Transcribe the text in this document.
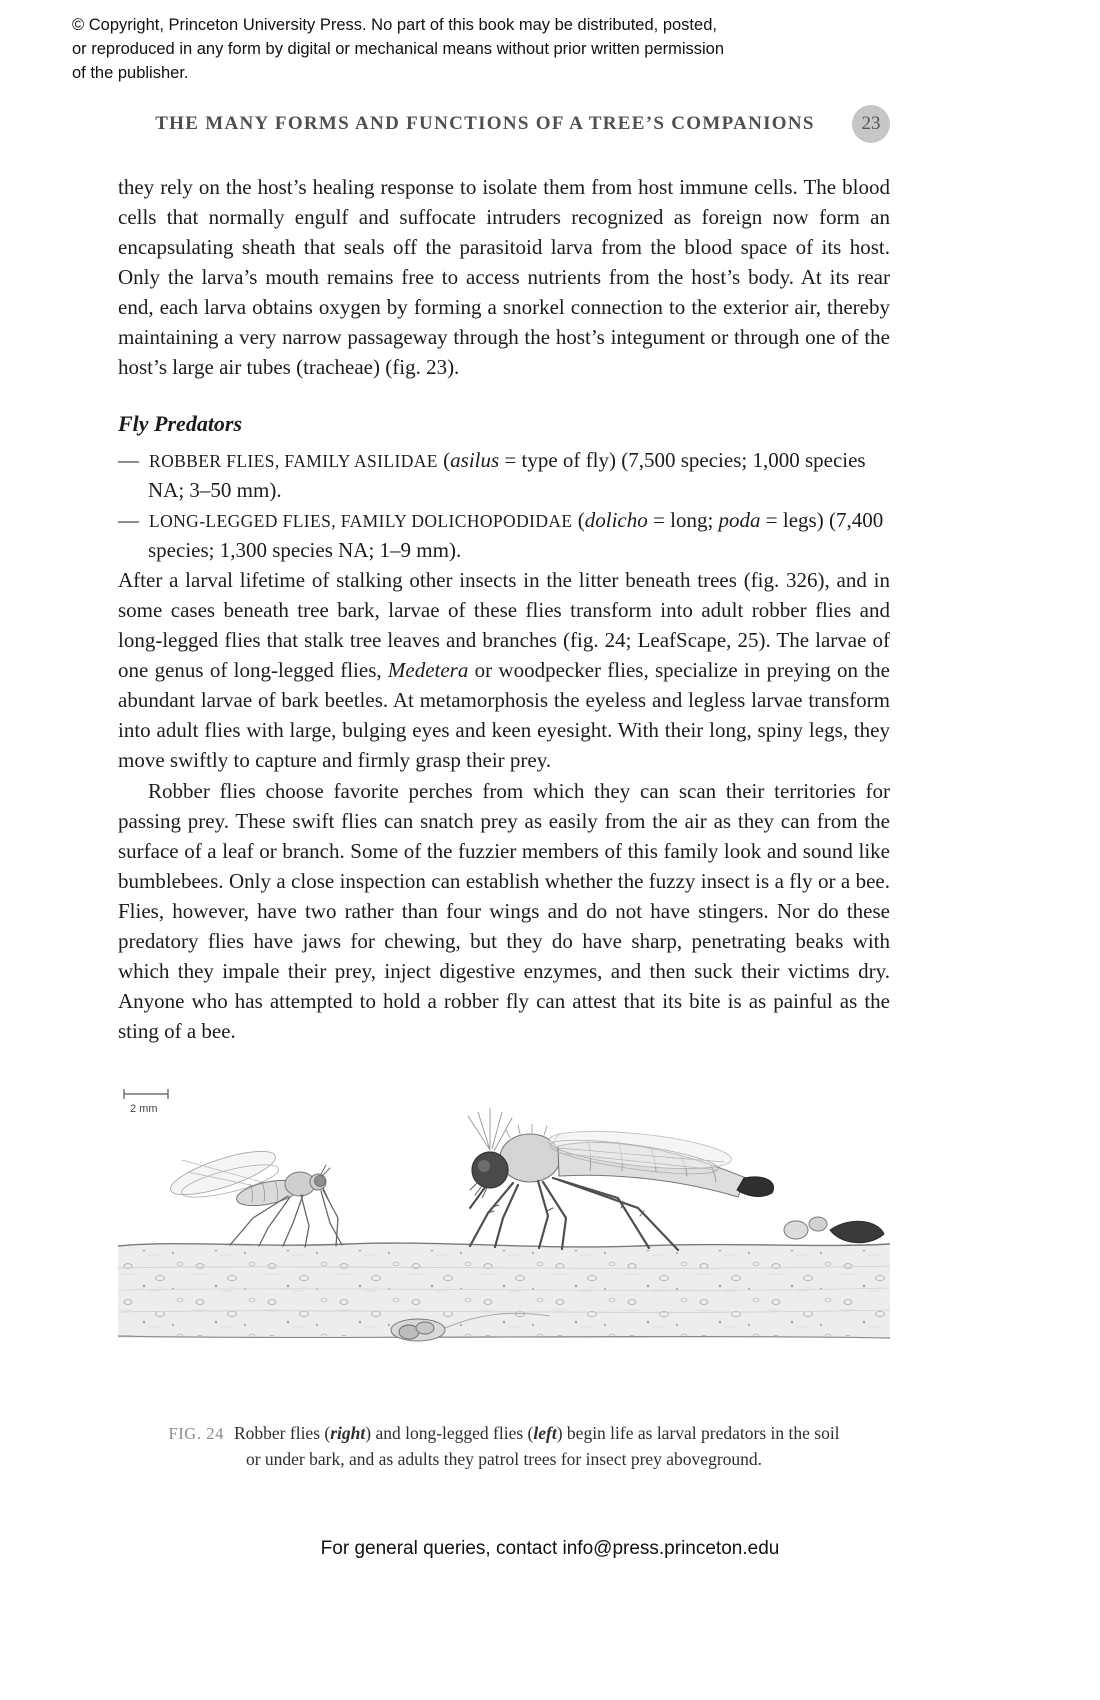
© Copyright, Princeton University Press. No part of this book may be distributed, posted, or reproduced in any form by digital or mechanical means without prior written permission of the publisher.
THE MANY FORMS AND FUNCTIONS OF A TREE’S COMPANIONS	23

they rely on the host’s healing response to isolate them from host immune cells. The blood cells that normally engulf and suffocate intruders recognized as foreign now form an encapsulating sheath that seals off the parasitoid larva from the blood space of its host. Only the larva’s mouth remains free to access nutrients from the host’s body. At its rear end, each larva obtains oxygen by forming a snorkel connection to the exterior air, thereby maintaining a very narrow passageway through the host’s integument or through one of the host’s large air tubes (tracheae) (fig. 23).

Fly Predators
— ROBBER FLIES, FAMILY ASILIDAE (asilus = type of fly) (7,500 species; 1,000 species NA; 3–50 mm).
— LONG-LEGGED FLIES, FAMILY DOLICHOPODIDAE (dolicho = long; poda = legs) (7,400 species; 1,300 species NA; 1–9 mm).

After a larval lifetime of stalking other insects in the litter beneath trees (fig. 326), and in some cases beneath tree bark, larvae of these flies transform into adult robber flies and long-legged flies that stalk tree leaves and branches (fig. 24; LeafScape, 25). The larvae of one genus of long-legged flies, Medetera or woodpecker flies, specialize in preying on the abundant larvae of bark beetles. At metamorphosis the eyeless and legless larvae transform into adult flies with large, bulging eyes and keen eyesight. With their long, spiny legs, they move swiftly to capture and firmly grasp their prey.

Robber flies choose favorite perches from which they can scan their territories for passing prey. These swift flies can snatch prey as easily from the air as they can from the surface of a leaf or branch. Some of the fuzzier members of this family look and sound like bumblebees. Only a close inspection can establish whether the fuzzy insect is a fly or a bee. Flies, however, have two rather than four wings and do not have stingers. Nor do these predatory flies have jaws for chewing, but they do have sharp, penetrating beaks with which they impale their prey, inject digestive enzymes, and then suck their victims dry. Anyone who has attempted to hold a robber fly can attest that its bite is as painful as the sting of a bee.

2 mm
FIG. 24 Robber flies (right) and long-legged flies (left) begin life as larval predators in the soil or under bark, and as adults they patrol trees for insect prey aboveground.
For general queries, contact info@press.princeton.edu
